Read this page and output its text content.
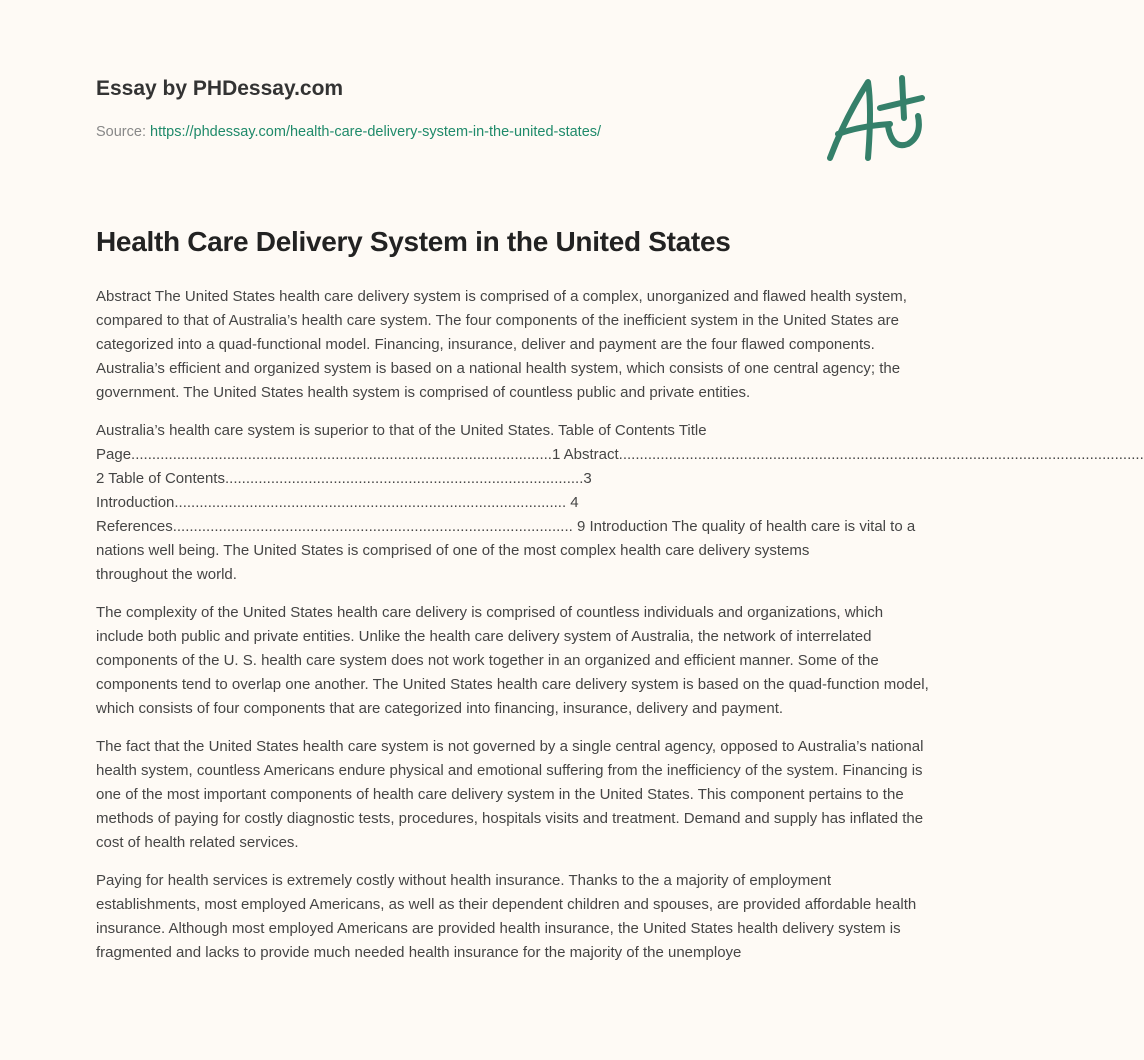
Essay by PHDessay.com
Source: https://phdessay.com/health-care-delivery-system-in-the-united-states/
Health Care Delivery System in the United States

Abstract The United States health care delivery system is comprised of a complex, unorganized and flawed health system, compared to that of Australia’s health care system. The four components of the inefficient system in the United States are categorized into a quad-functional model. Financing, insurance, deliver and payment are the four flawed components. Australia’s efficient and organized system is based on a national health system, which consists of one central agency; the government. The United States health system is comprised of countless public and private entities.

Australia’s health care system is superior to that of the United States. Table of Contents Title
Page.....................................................................................................1 Abstract..............................................................................................................................
2 Table of Contents......................................................................................3
Introduction.............................................................................................. 4
References................................................................................................ 9 Introduction The quality of health care is vital to a
nations well being. The United States is comprised of one of the most complex health care delivery systems
throughout the world.

The complexity of the United States health care delivery is comprised of countless individuals and organizations, which include both public and private entities. Unlike the health care delivery system of Australia, the network of interrelated components of the U. S. health care system does not work together in an organized and efficient manner. Some of the components tend to overlap one another. The United States health care delivery system is based on the quad-function model, which consists of four components that are categorized into financing, insurance, delivery and payment.

The fact that the United States health care system is not governed by a single central agency, opposed to Australia’s national health system, countless Americans endure physical and emotional suffering from the inefficiency of the system. Financing is one of the most important components of health care delivery system in the United States. This component pertains to the methods of paying for costly diagnostic tests, procedures, hospitals visits and treatment. Demand and supply has inflated the cost of health related services.

Paying for health services is extremely costly without health insurance. Thanks to the a majority of employment establishments, most employed Americans, as well as their dependent children and spouses, are provided affordable health insurance. Although most employed Americans are provided health insurance, the United States health delivery system is fragmented and lacks to provide much needed health insurance for the majority of the unemploye
